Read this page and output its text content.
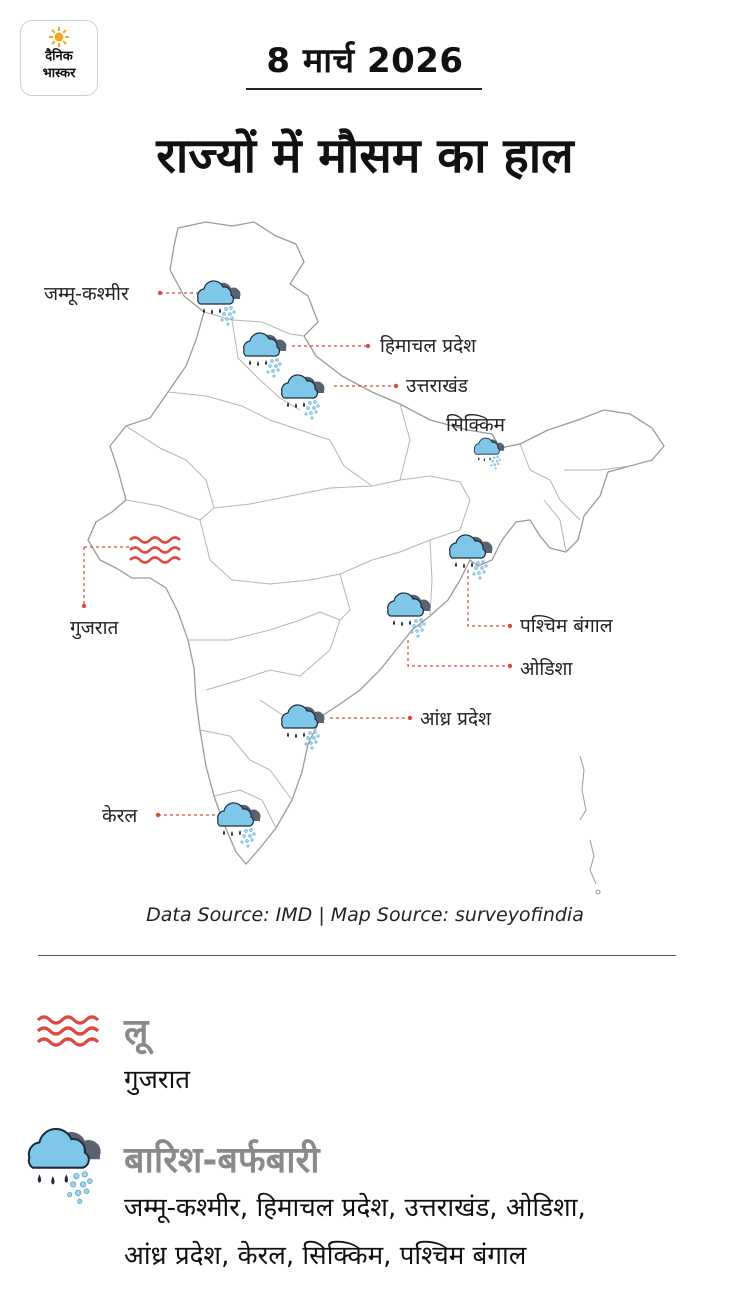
दैनिक
भास्कर	8 मार्च 2026
राज्यों में मौसम का हाल
जम्मू-कश्मीर
हिमाचल प्रदेश
उत्तराखंड
सिक्किम
गुजरात	पश्चिम बंगाल
ओडिशा
आंध्र प्रदेश
केरल
Data Source: IMD | Map Source: surveyofindia
लू
गुजरात
बारिश-बर्फबारी
जम्मू-कश्मीर, हिमाचल प्रदेश, उत्तराखंड, ओडिशा,
आंध्र प्रदेश, केरल, सिक्किम, पश्चिम बंगाल
